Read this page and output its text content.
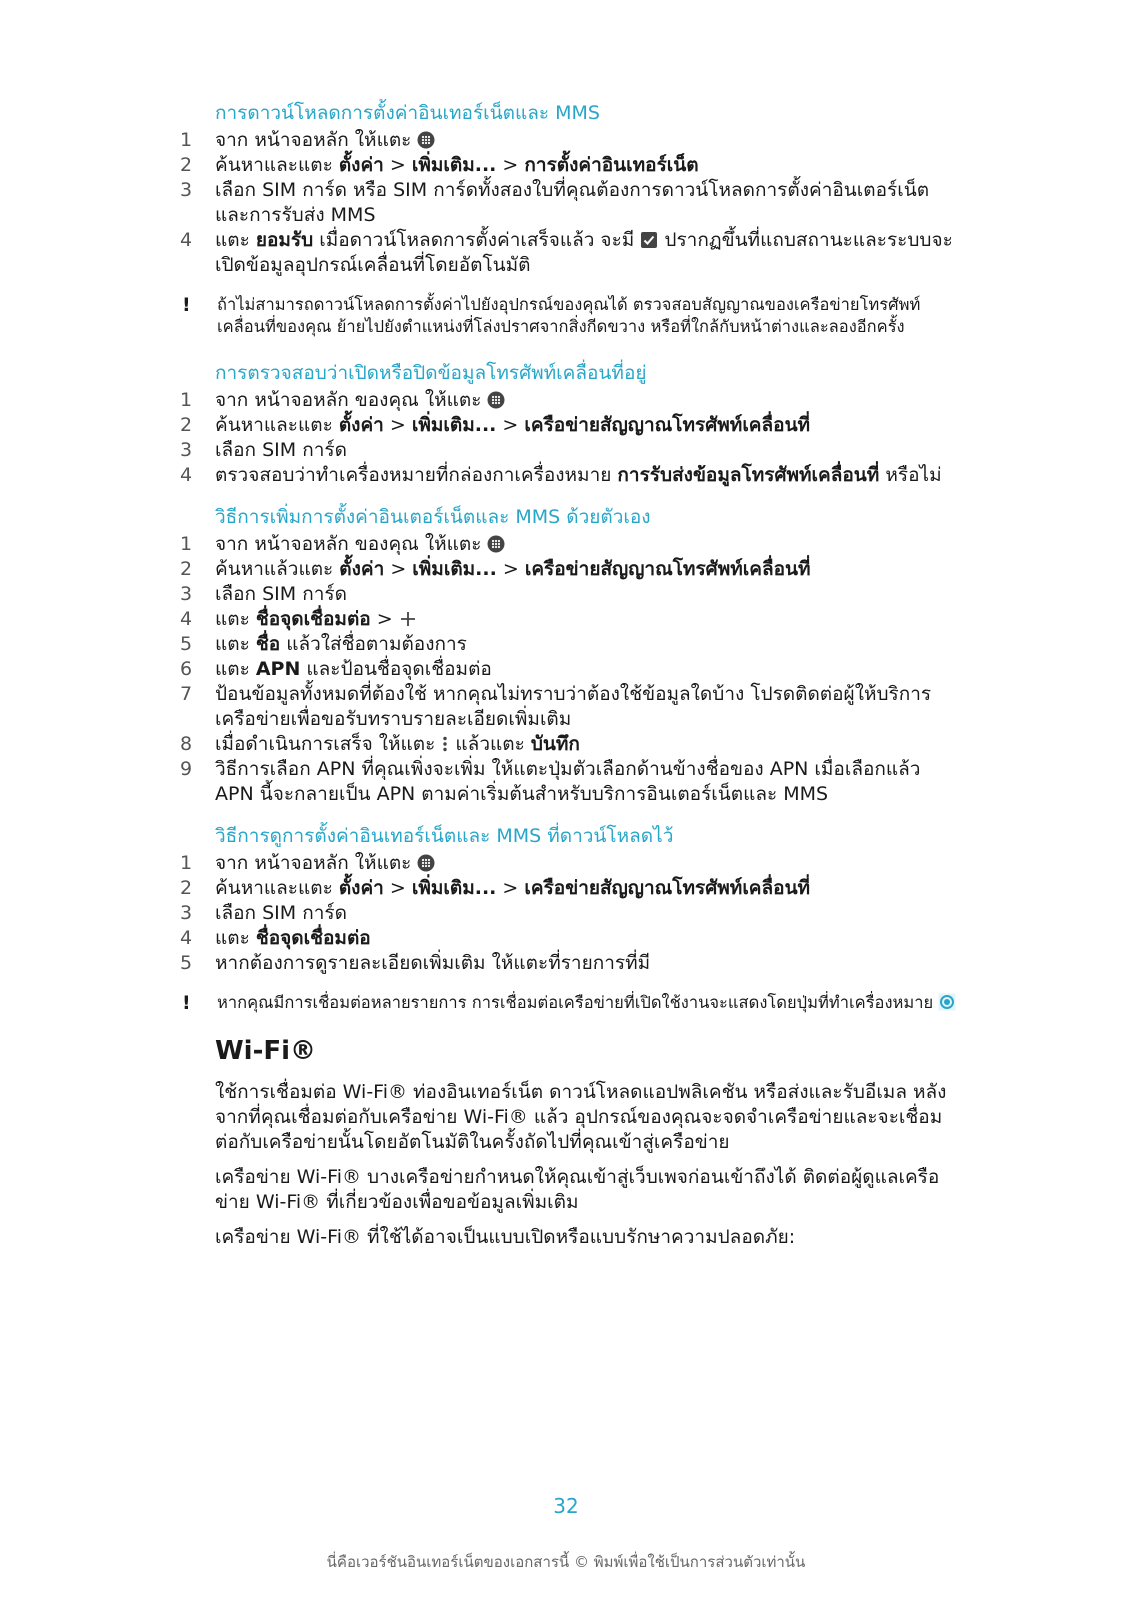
การดาวน์โหลดการตั้งค่าอินเทอร์เน็ตและ MMS
1	จาก หน้าจอหลัก ให้แตะ
2	ค้นหาและแตะ ตั้งค่า > เพิ่มเติม... > การตั้งค่าอินเทอร์เน็ต
3	เลือก SIM การ์ด หรือ SIM การ์ดทั้งสองใบที่คุณต้องการดาวน์โหลดการตั้งค่าอินเตอร์เน็ตและการรับส่ง MMS
4	แตะ ยอมรับ เมื่อดาวน์โหลดการตั้งค่าเสร็จแล้ว จะมี  ปรากฏขึ้นที่แถบสถานะและระบบจะเปิดข้อมูลอุปกรณ์เคลื่อนที่โดยอัตโนมัติ
!	ถ้าไม่สามารถดาวน์โหลดการตั้งค่าไปยังอุปกรณ์ของคุณได้ ตรวจสอบสัญญาณของเครือข่ายโทรศัพท์เคลื่อนที่ของคุณ ย้ายไปยังตำแหน่งที่โล่งปราศจากสิ่งกีดขวาง หรือที่ใกล้กับหน้าต่างและลองอีกครั้ง
การตรวจสอบว่าเปิดหรือปิดข้อมูลโทรศัพท์เคลื่อนที่อยู่
1	จาก หน้าจอหลัก ของคุณ ให้แตะ
2	ค้นหาและแตะ ตั้งค่า > เพิ่มเติม... > เครือข่ายสัญญาณโทรศัพท์เคลื่อนที่
3	เลือก SIM การ์ด
4	ตรวจสอบว่าทำเครื่องหมายที่กล่องกาเครื่องหมาย การรับส่งข้อมูลโทรศัพท์เคลื่อนที่ หรือไม่
วิธีการเพิ่มการตั้งค่าอินเตอร์เน็ตและ MMS ด้วยตัวเอง
1	จาก หน้าจอหลัก ของคุณ ให้แตะ
2	ค้นหาแล้วแตะ ตั้งค่า > เพิ่มเติม... > เครือข่ายสัญญาณโทรศัพท์เคลื่อนที่
3	เลือก SIM การ์ด
4	แตะ ชื่อจุดเชื่อมต่อ >
5	แตะ ชื่อ แล้วใส่ชื่อตามต้องการ
6	แตะ APN และป้อนชื่อจุดเชื่อมต่อ
7	ป้อนข้อมูลทั้งหมดที่ต้องใช้ หากคุณไม่ทราบว่าต้องใช้ข้อมูลใดบ้าง โปรดติดต่อผู้ให้บริการเครือข่ายเพื่อขอรับทราบรายละเอียดเพิ่มเติม
8	เมื่อดำเนินการเสร็จ ให้แตะ  แล้วแตะ บันทึก
9	วิธีการเลือก APN ที่คุณเพิ่งจะเพิ่ม ให้แตะปุ่มตัวเลือกด้านข้างชื่อของ APN เมื่อเลือกแล้ว APN นี้จะกลายเป็น APN ตามค่าเริ่มต้นสำหรับบริการอินเตอร์เน็ตและ MMS
วิธีการดูการตั้งค่าอินเทอร์เน็ตและ MMS ที่ดาวน์โหลดไว้
1	จาก หน้าจอหลัก ให้แตะ
2	ค้นหาและแตะ ตั้งค่า > เพิ่มเติม... > เครือข่ายสัญญาณโทรศัพท์เคลื่อนที่
3	เลือก SIM การ์ด
4	แตะ ชื่อจุดเชื่อมต่อ
5	หากต้องการดูรายละเอียดเพิ่มเติม ให้แตะที่รายการที่มี
!	หากคุณมีการเชื่อมต่อหลายรายการ การเชื่อมต่อเครือข่ายที่เปิดใช้งานจะแสดงโดยปุ่มที่ทำเครื่องหมาย
Wi-Fi®
ใช้การเชื่อมต่อ Wi-Fi® ท่องอินเทอร์เน็ต ดาวน์โหลดแอปพลิเคชัน หรือส่งและรับอีเมล หลังจากที่คุณเชื่อมต่อกับเครือข่าย Wi-Fi® แล้ว อุปกรณ์ของคุณจะจดจำเครือข่ายและจะเชื่อมต่อกับเครือข่ายนั้นโดยอัตโนมัติในครั้งถัดไปที่คุณเข้าสู่เครือข่าย
เครือข่าย Wi-Fi® บางเครือข่ายกำหนดให้คุณเข้าสู่เว็บเพจก่อนเข้าถึงได้ ติดต่อผู้ดูแลเครือข่าย Wi-Fi® ที่เกี่ยวข้องเพื่อขอข้อมูลเพิ่มเติม
เครือข่าย Wi-Fi® ที่ใช้ได้อาจเป็นแบบเปิดหรือแบบรักษาความปลอดภัย:
32
นี่คือเวอร์ชันอินเทอร์เน็ตของเอกสารนี้ © พิมพ์เพื่อใช้เป็นการส่วนตัวเท่านั้น
